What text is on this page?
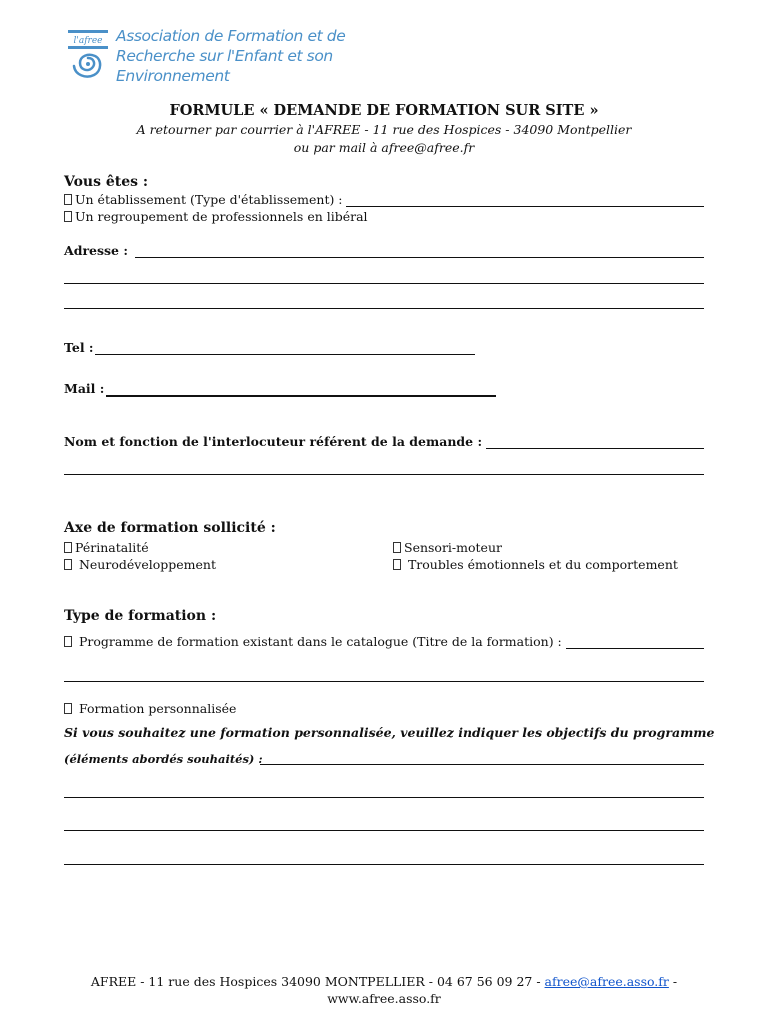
l'afree Association de Formation et de
Recherche sur l'Enfant et son
Environnement
FORMULE « DEMANDE DE FORMATION SUR SITE »
A retourner par courrier à l'AFREE - 11 rue des Hospices - 34090 Montpellier
ou par mail à afree@afree.fr
Vous êtes :
Un établissement (Type d'établissement) :
Un regroupement de professionnels en libéral
Adresse :
Tel :
Mail :
Nom et fonction de l'interlocuteur référent de la demande :
Axe de formation sollicité :
Périnatalité
Neurodéveloppement
Sensori-moteur
Troubles émotionnels et du comportement
Type de formation :
Programme de formation existant dans le catalogue (Titre de la formation) :
Formation personnalisée
Si vous souhaitez une formation personnalisée, veuillez indiquer les objectifs du programme
(éléments abordés souhaités) :
AFREE - 11 rue des Hospices 34090 MONTPELLIER - 04 67 56 09 27 - afree@afree.asso.fr -
www.afree.asso.fr
